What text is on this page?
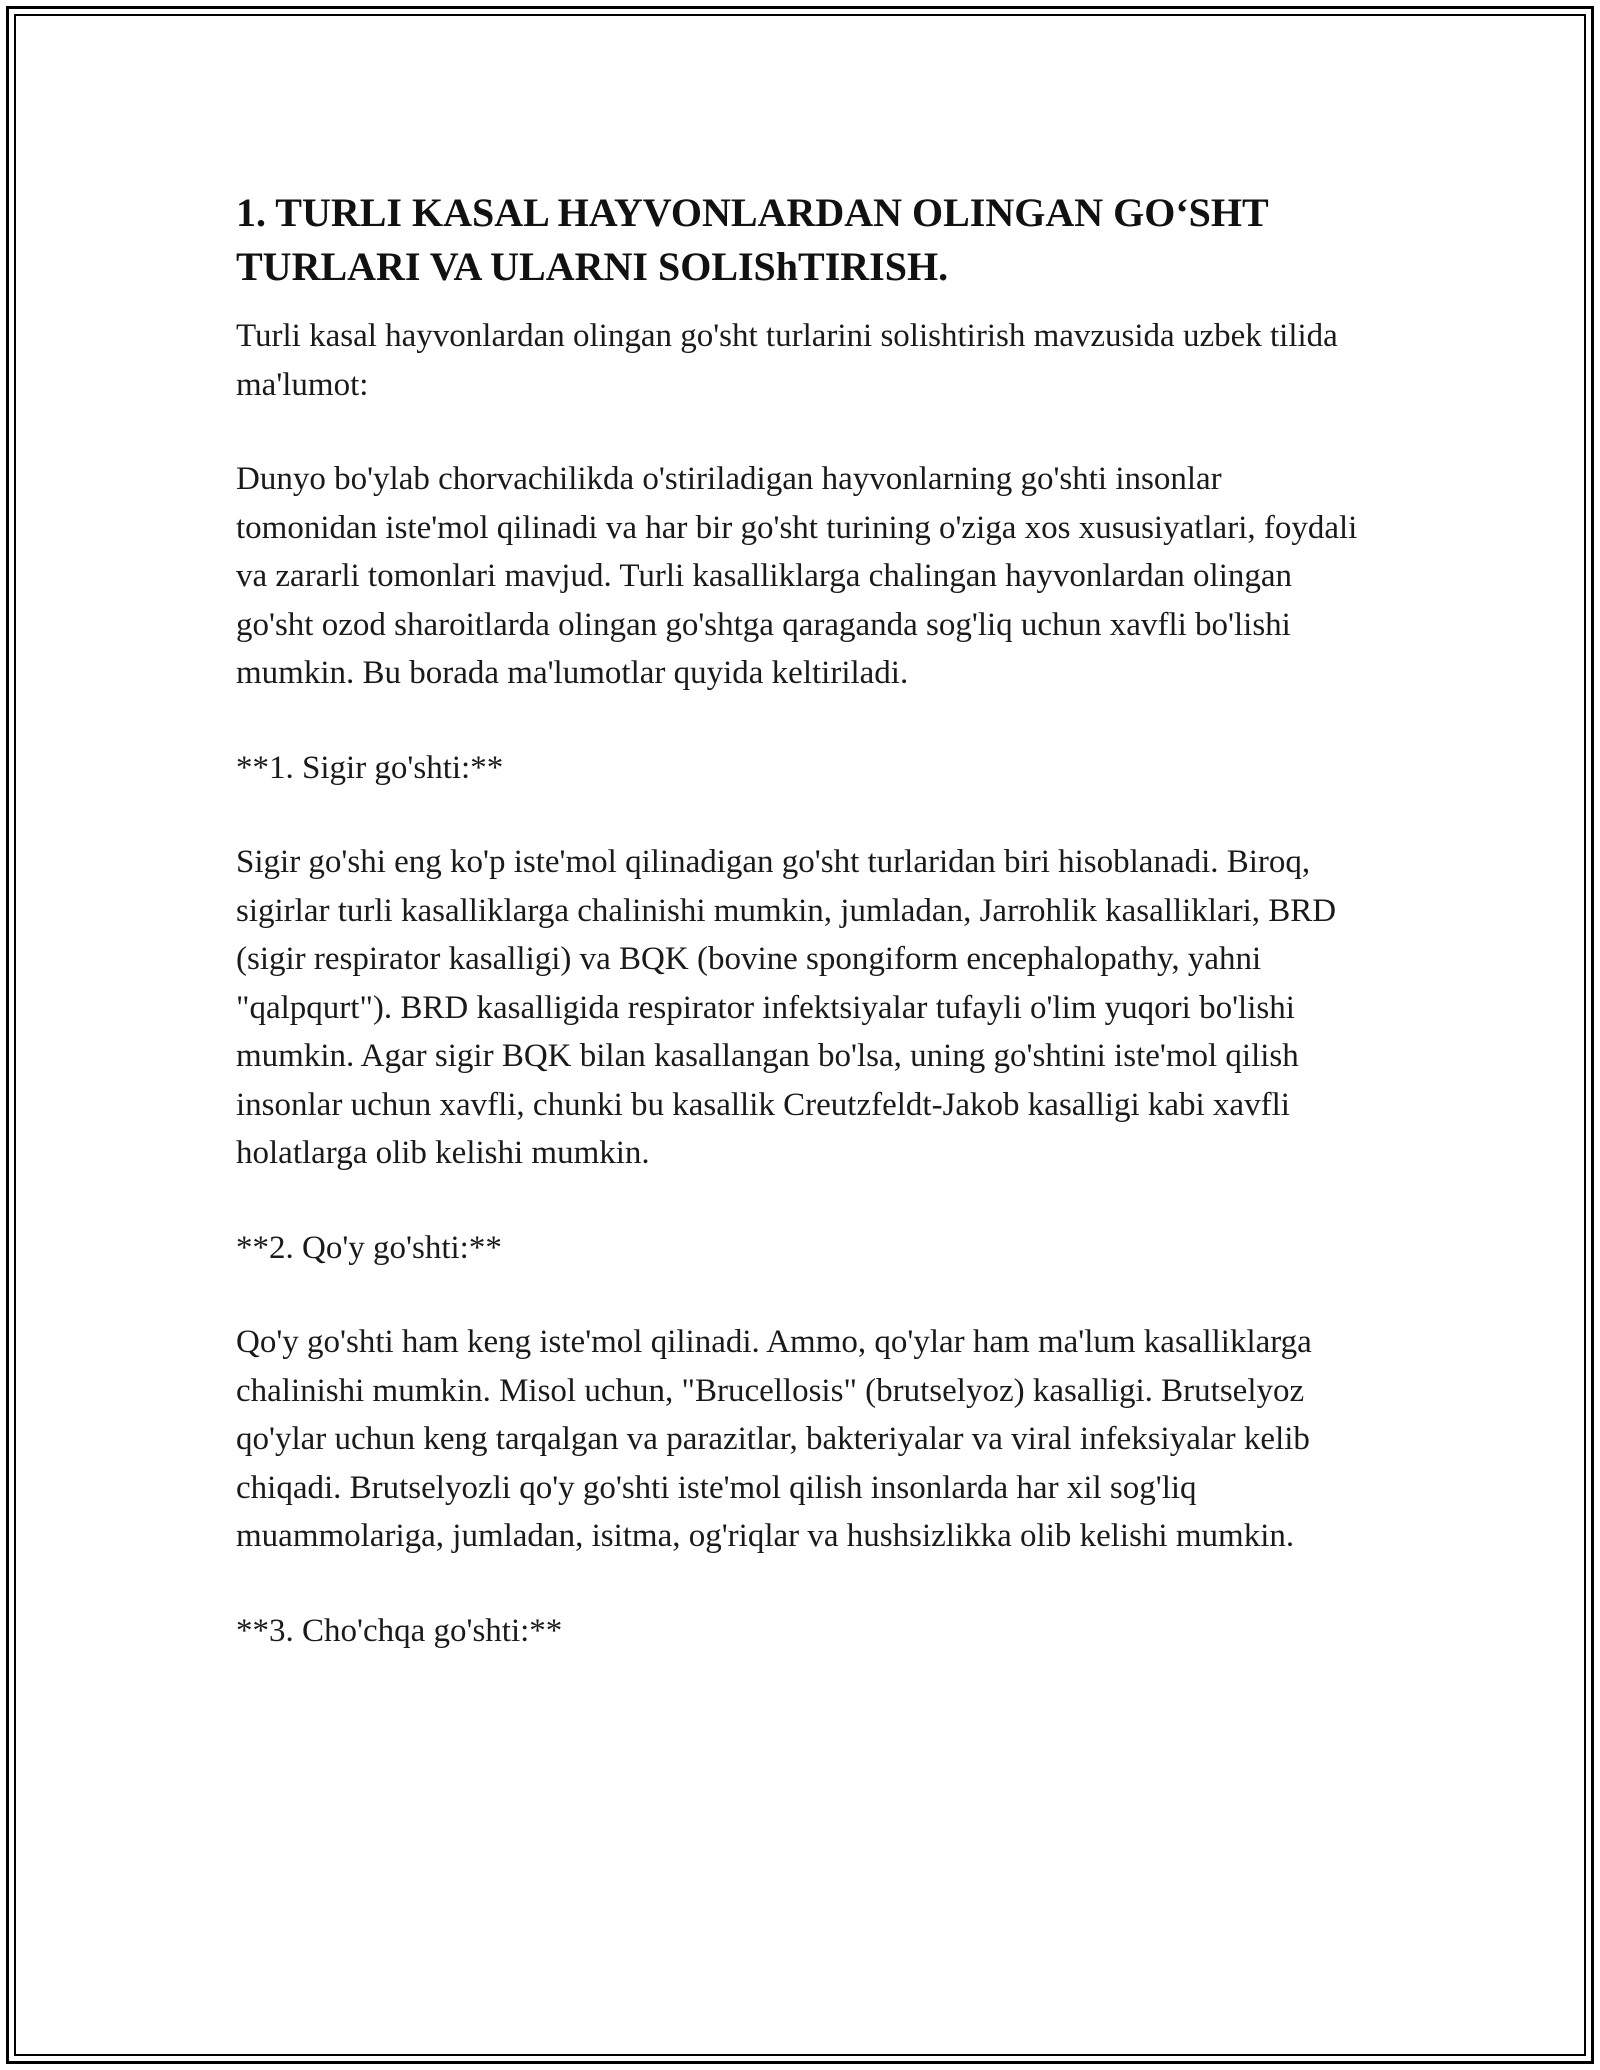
1. TURLI KASAL HAYVONLARDAN OLINGAN GO‘SHT
TURLARI VA ULARNI SOLIShTIRISH.

Turli kasal hayvonlardan olingan go'sht turlarini solishtirish mavzusida uzbek tilida ma'lumot:

Dunyo bo'ylab chorvachilikda o'stiriladigan hayvonlarning go'shti insonlar tomonidan iste'mol qilinadi va har bir go'sht turining o'ziga xos xususiyatlari, foydali va zararli tomonlari mavjud. Turli kasalliklarga chalingan hayvonlardan olingan go'sht ozod sharoitlarda olingan go'shtga qaraganda sog'liq uchun xavfli bo'lishi mumkin. Bu borada ma'lumotlar quyida keltiriladi.

**1. Sigir go'shti:**

Sigir go'shi eng ko'p iste'mol qilinadigan go'sht turlaridan biri hisoblanadi. Biroq, sigirlar turli kasalliklarga chalinishi mumkin, jumladan, Jarrohlik kasalliklari, BRD (sigir respirator kasalligi) va BQK (bovine spongiform encephalopathy, yahni "qalpqurt"). BRD kasalligida respirator infektsiyalar tufayli o'lim yuqori bo'lishi mumkin. Agar sigir BQK bilan kasallangan bo'lsa, uning go'shtini iste'mol qilish insonlar uchun xavfli, chunki bu kasallik Creutzfeldt-Jakob kasalligi kabi xavfli holatlarga olib kelishi mumkin.

**2. Qo'y go'shti:**

Qo'y go'shti ham keng iste'mol qilinadi. Ammo, qo'ylar ham ma'lum kasalliklarga chalinishi mumkin. Misol uchun, "Brucellosis" (brutselyoz) kasalligi. Brutselyoz qo'ylar uchun keng tarqalgan va parazitlar, bakteriyalar va viral infeksiyalar kelib chiqadi. Brutselyozli qo'y go'shti iste'mol qilish insonlarda har xil sog'liq muammolariga, jumladan, isitma, og'riqlar va hushsizlikka olib kelishi mumkin.

**3. Cho'chqa go'shti:**
